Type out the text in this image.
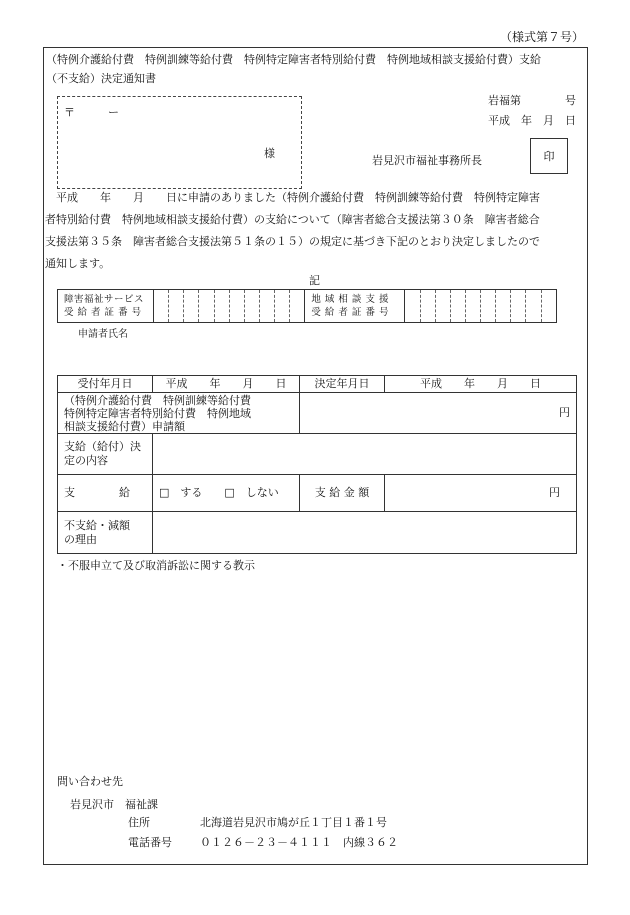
（様式第７号）
（特例介護給付費　特例訓練等給付費　特例特定障害者特別給付費　特例地域相談支援給付費）支給
（不支給）決定通知書
〒　　　ー
様
岩福第　　　　号
平成　年　月　日
岩見沢市福祉事務所長	印
　平成　　年　　月　　日に申請のありました（特例介護給付費　特例訓練等給付費　特例特定障害
者特別給付費　特例地域相談支援給付費）の支給について（障害者総合支援法第３０条　障害者総合
支援法第３５条　障害者総合支援法第５１条の１５）の規定に基づき下記のとおり決定しましたので
通知します。
記
障害福祉サービス
受 給 者 証 番 号

地 域 相 談 支 援
受 給 者 証 番 号

申請者氏名
受付年月日	平成　　年　　月　　日	決定年月日	平成　　年　　月　　日
（特例介護給付費　特例訓練等給付費
特例特定障害者特別給付費　特例地域
相談支援給付費）申請額		円	
支給（給付）決
定の内容			
支　　　　給	□　する　　□　しない	支 給 金 額	円
不支給・減額
の理由			
・不服申立て及び取消訴訟に関する教示
問い合わせ先
岩見沢市　福祉課
住所	北海道岩見沢市鳩が丘１丁目１番１号
電話番号	０１２６－２３－４１１１　内線３６２
